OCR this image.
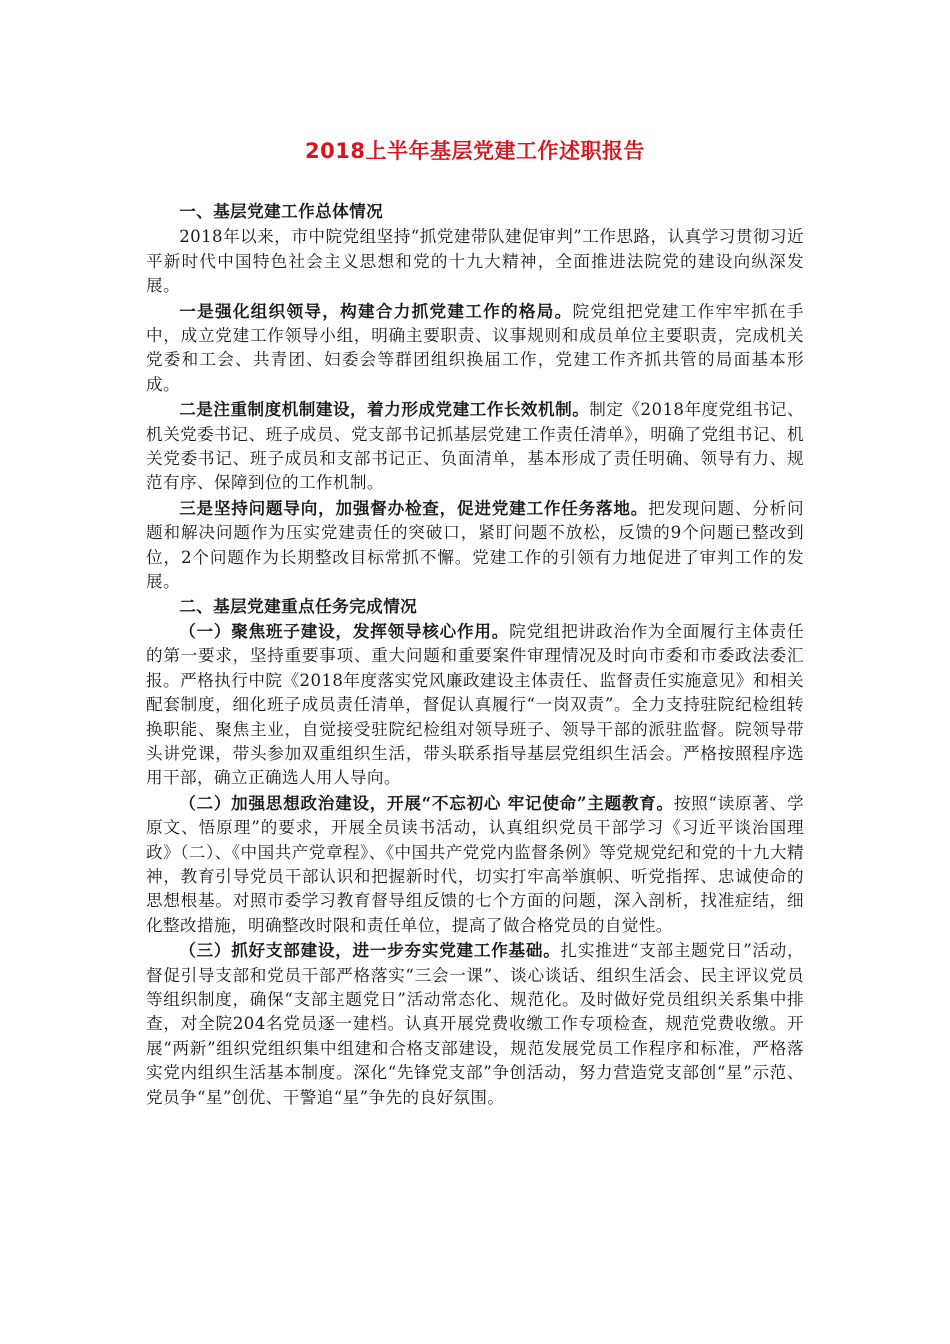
2018上半年基层党建工作述职报告
一、基层党建工作总体情况

2018年以来，市中院党组坚持“抓党建带队建促审判”工作思路，认真学习贯彻习近平新时代中国特色社会主义思想和党的十九大精神，全面推进法院党的建设向纵深发展。

一是强化组织领导，构建合力抓党建工作的格局。院党组把党建工作牢牢抓在手中，成立党建工作领导小组，明确主要职责、议事规则和成员单位主要职责，完成机关党委和工会、共青团、妇委会等群团组织换届工作，党建工作齐抓共管的局面基本形成。

二是注重制度机制建设，着力形成党建工作长效机制。制定《2018年度党组书记、机关党委书记、班子成员、党支部书记抓基层党建工作责任清单》，明确了党组书记、机关党委书记、班子成员和支部书记正、负面清单，基本形成了责任明确、领导有力、规范有序、保障到位的工作机制。

三是坚持问题导向，加强督办检查，促进党建工作任务落地。把发现问题、分析问题和解决问题作为压实党建责任的突破口，紧盯问题不放松，反馈的9个问题已整改到位，2个问题作为长期整改目标常抓不懈。党建工作的引领有力地促进了审判工作的发展。

二、基层党建重点任务完成情况

（一）聚焦班子建设，发挥领导核心作用。院党组把讲政治作为全面履行主体责任的第一要求，坚持重要事项、重大问题和重要案件审理情况及时向市委和市委政法委汇报。严格执行中院《2018年度落实党风廉政建设主体责任、监督责任实施意见》和相关配套制度，细化班子成员责任清单，督促认真履行“一岗双责”。全力支持驻院纪检组转换职能、聚焦主业，自觉接受驻院纪检组对领导班子、领导干部的派驻监督。院领导带头讲党课，带头参加双重组织生活，带头联系指导基层党组织生活会。严格按照程序选用干部，确立正确选人用人导向。

（二）加强思想政治建设，开展“不忘初心 牢记使命”主题教育。按照“读原著、学原文、悟原理”的要求，开展全员读书活动，认真组织党员干部学习《习近平谈治国理政》（二）、《中国共产党章程》、《中国共产党党内监督条例》等党规党纪和党的十九大精神，教育引导党员干部认识和把握新时代，切实打牢高举旗帜、听党指挥、忠诚使命的思想根基。对照市委学习教育督导组反馈的七个方面的问题，深入剖析，找准症结，细化整改措施，明确整改时限和责任单位，提高了做合格党员的自觉性。

（三）抓好支部建设，进一步夯实党建工作基础。扎实推进“支部主题党日”活动，督促引导支部和党员干部严格落实“三会一课”、谈心谈话、组织生活会、民主评议党员等组织制度，确保“支部主题党日”活动常态化、规范化。及时做好党员组织关系集中排查，对全院204名党员逐一建档。认真开展党费收缴工作专项检查，规范党费收缴。开展“两新”组织党组织集中组建和合格支部建设，规范发展党员工作程序和标准，严格落实党内组织生活基本制度。深化“先锋党支部”争创活动，努力营造党支部创“星”示范、党员争“星”创优、干警追“星”争先的良好氛围。
